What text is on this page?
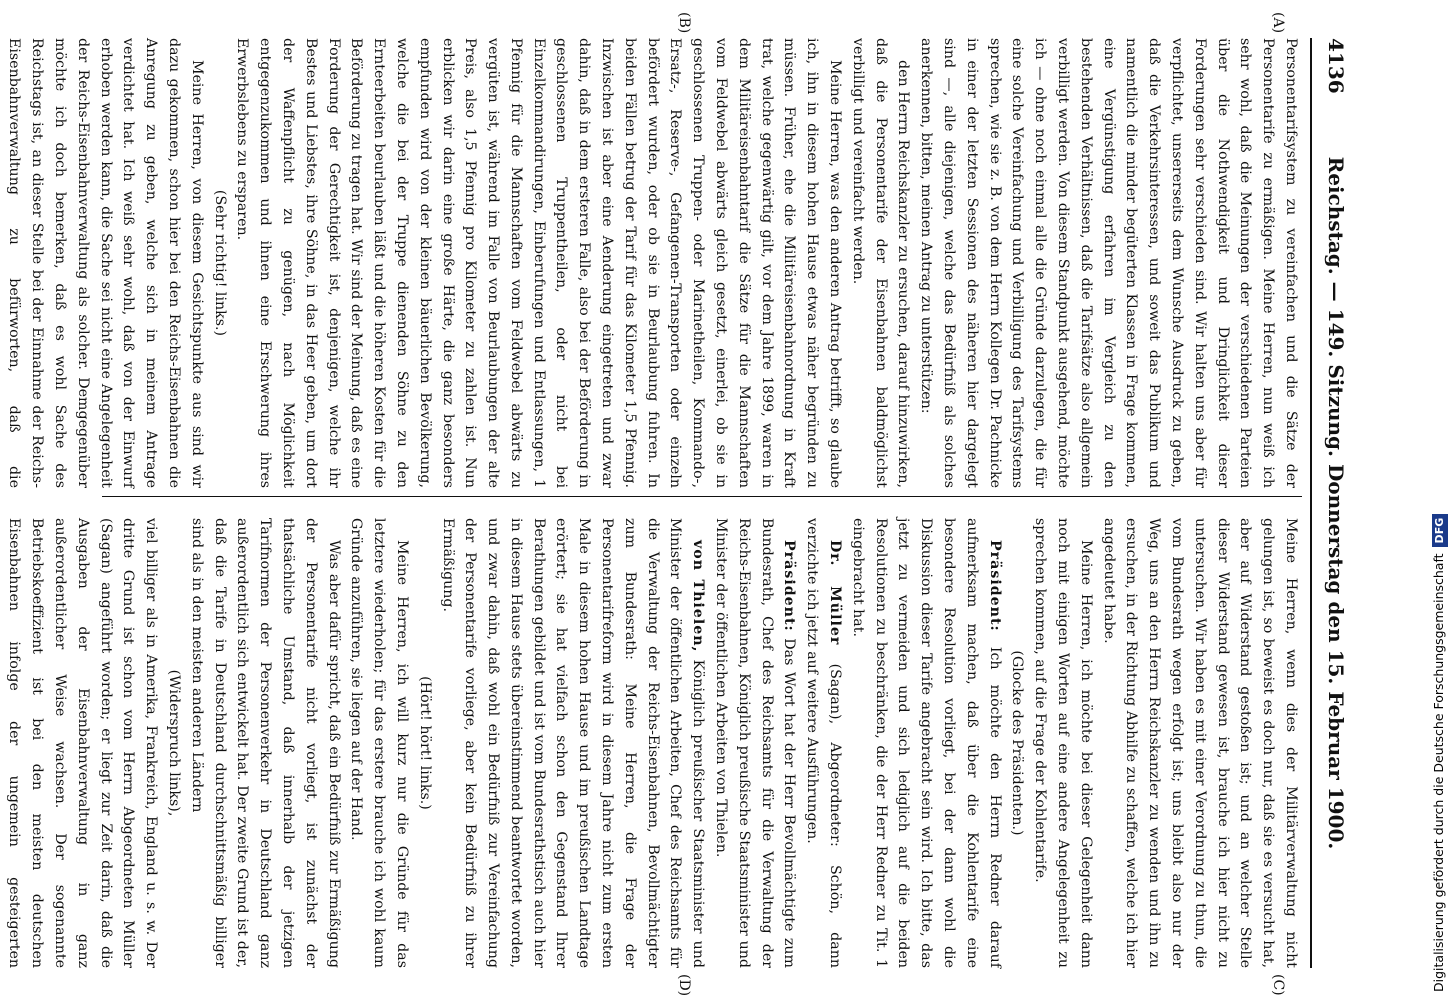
4136
Reichstag. — 149. Sitzung. Donnerstag den 15. Februar 1900.
(A)
(B)
(C)
(D)

Personentarifsystem zu vereinfachen und die Sätze der Personentarife zu ermäßigen. Meine Herren, nun weiß ich sehr wohl, daß die Meinungen der verschiedenen Parteien über die Nothwendigkeit und Dringlichkeit dieser Forderungen sehr verschieden sind. Wir halten uns aber für verpflichtet, unsererseits dem Wunsche Ausdruck zu geben, daß die Verkehrsinteressen, und soweit das Publikum und namentlich die minder begüterten Klassen in Frage kommen, eine Vergünstigung erfahren im Vergleich zu den bestehenden Verhältnissen, daß die Tarifsätze also allgemein verbilligt werden. Von diesem Standpunkt ausgehend, möchte ich — ohne noch einmal alle die Gründe darzulegen, die für eine solche Vereinfachung und Verbilligung des Tarifsystems sprechen, wie sie z. B. von dem Herrn Kollegen Dr. Pachnicke in einer der letzten Sessionen des näheren hier dargelegt sind —, alle diejenigen, welche das Bedürfniß als solches anerkennen, bitten, meinen Antrag zu unterstützen:

den Herrn Reichskanzler zu ersuchen, darauf hinzuwirken, daß die Personentarife der Eisenbahnen baldmöglichst verbilligt und vereinfacht werden.

Meine Herren, was den anderen Antrag betrifft, so glaube ich, ihn in diesem hohen Hause etwas näher begründen zu müssen. Früher, ehe die Militäreisenbahnordnung in Kraft trat, welche gegenwärtig gilt, vor dem Jahre 1899, waren in dem Militäreisenbahntarif die Sätze für die Mannschaften vom Feldwebel abwärts gleich gesetzt, einerlei, ob sie in geschlossenen Truppen- oder Marinetheilen, Kommando-, Ersatz-, Reserve-, Gefangenen-Transporten oder einzeln befördert wurden, oder ob sie in Beurlaubung fuhren. In beiden Fällen betrug der Tarif für das Kilometer 1,5 Pfennig. Inzwischen ist aber eine Aenderung eingetreten und zwar dahin, daß in dem ersteren Falle, also bei der Beförderung in geschlossenen Truppentheilen, oder nicht bei Einzelkommandirungen, Einberufungen und Entlassungen, 1 Pfennig für die Mannschaften vom Feldwebel abwärts zu vergüten ist, während im Falle von Beurlaubungen der alte Preis, also 1,5 Pfennig pro Kilometer zu zahlen ist. Nun erblicken wir darin eine große Härte, die ganz besonders empfunden wird von der kleinen bäuerlichen Bevölkerung, welche die bei der Truppe dienenden Söhne zu den Ernteerbeiten beurlauben läßt und die höheren Kosten für die Beförderung zu tragen hat. Wir sind der Meinung, daß es eine Forderung der Gerechtigkeit ist, denjenigen, welche ihr Bestes und Liebstes, ihre Söhne, in das Heer geben, um dort der Waffenpflicht zu genügen, nach Möglichkeit entgegenzukommen und ihnen eine Erschwerung ihres Erwerbslebens zu ersparen.

(Sehr richtig! links.)

Meine Herren, von diesem Gesichtspunkte aus sind wir dazu gekommen, schon hier bei den Reichs-Eisenbahnen die Anregung zu geben, welche sich in meinem Antrage verdichtet hat. Ich weiß sehr wohl, daß von der Einwurf erhoben werden kann, die Sache sei nicht eine Angelegenheit der Reichs-Eisenbahnverwaltung als solcher. Demgegenüber möchte ich doch bemerken, daß es wohl Sache des Reichstags ist, an dieser Stelle bei der Einnahme der Reichs-Eisenbahnverwaltung zu befürworten, daß die

Meine Herren, wenn dies der Militärverwaltung nicht gelungen ist, so beweist es doch nur, daß sie es versucht hat, aber auf Widerstand gestoßen ist; und an welcher Stelle dieser Widerstand gewesen ist, brauche ich hier nicht zu untersuchen. Wir haben es mit einer Verordnung zu thun, die vom Bundesrath wegen erfolgt ist; uns bleibt also nur der Weg, uns an den Herrn Reichskanzler zu wenden und ihn zu ersuchen, in der Richtung Abhilfe zu schaffen, welche ich hier angedeutet habe.

Meine Herren, ich möchte bei dieser Gelegenheit dann noch mit einigen Worten auf eine andere Angelegenheit zu sprechen kommen, auf die Frage der Kohlentarife.

(Glocke des Präsidenten.)

Präsident: Ich möchte den Herrn Redner darauf aufmerksam machen, daß über die Kohlentarife eine besondere Resolution vorliegt, bei der dann wohl die Diskussion dieser Tarife angebracht sein wird. Ich bitte, das jetzt zu vermeiden und sich lediglich auf die beiden Resolutionen zu beschränken, die der Herr Redner zu Tit. 1 eingebracht hat.

Dr. Müller (Sagan), Abgeordneter: Schön, dann verzichte ich jetzt auf weitere Ausführungen.

Präsident: Das Wort hat der Herr Bevollmächtigte zum Bundesrath, Chef des Reichsamts für die Verwaltung der Reichs-Eisenbahnen, Königlich preußische Staatsminister und Minister der öffentlichen Arbeiten von Thielen.

von Thielen, Königlich preußischer Staatsminister und Minister der öffentlichen Arbeiten, Chef des Reichsamts für die Verwaltung der Reichs-Eisenbahnen, Bevollmächtigter zum Bundesrath: Meine Herren, die Frage der Personentarifreform wird in diesem Jahre nicht zum ersten Male in diesem hohen Hause und im preußischen Landtage erörtert; sie hat vielfach schon den Gegenstand Ihrer Berathungen gebildet und ist vom Bundesrathstisch auch hier in diesem Hause stets übereinstimmend beantwortet worden, und zwar dahin, daß wohl ein Bedürfniß zur Vereinfachung der Personentarife vorliege, aber kein Bedürfniß zu ihrer Ermäßigung.

(Hört! hört! links.)

Meine Herren, ich will kurz nur die Gründe für das letztere wiederholen; für das erstere brauche ich wohl kaum Gründe anzuführen, sie liegen auf der Hand.

Was aber dafür spricht, daß ein Bedürfniß zur Ermäßigung der Personentarife nicht vorliegt, ist zunächst der thatsächliche Umstand, daß innerhalb der jetzigen Tarifnormen der Personenverkehr in Deutschland ganz außerordentlich sich entwickelt hat. Der zweite Grund ist der, daß die Tarife in Deutschland durchschnittsmäßig billiger sind als in den meisten anderen Ländern

(Widerspruch links),

viel billiger als in Amerika, Frankreich, England u. s. w. Der dritte Grund ist schon vom Herrn Abgeordneten Müller (Sagan) angeführt worden; er liegt zur Zeit darin, daß die Ausgaben der Eisenbahnverwaltung in ganz außerordentlicher Weise wachsen. Der sogenannte Betriebskoeffizient ist bei den meisten deutschen Eisenbahnen infolge der ungemein gesteigerten	Digitalisierung gefördert durch die Deutsche ForschungsgemeinschaftDFG
